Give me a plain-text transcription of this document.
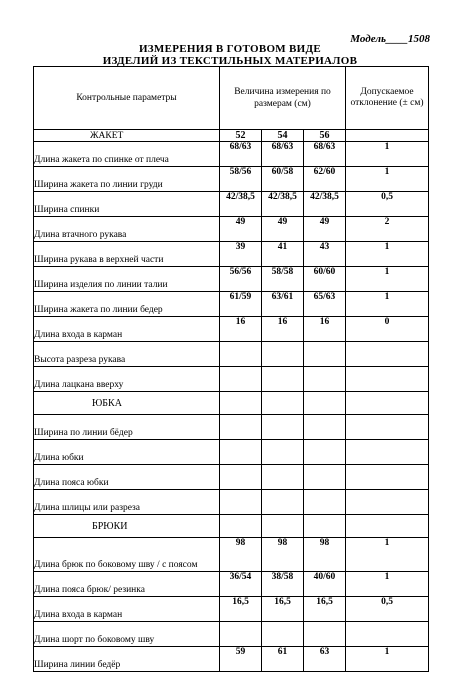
Модель____1508
ИЗМЕРЕНИЯ В ГОТОВОМ ВИДЕ
ИЗДЕЛИЙ ИЗ ТЕКСТИЛЬНЫХ МАТЕРИАЛОВ
Контрольные параметры	Величина измерения по размерам (см)			Допускаемое отклонение (± см)
ЖАКЕТ	52	54	56	
Длина жакета по спинке от плеча	68/63	68/63	68/63	1
Ширина жакета по линии груди	58/56	60/58	62/60	1
Ширина спинки	42/38,5	42/38,5	42/38,5	0,5
Длина втачного рукава	49	49	49	2
Ширина рукава в верхней части	39	41	43	1
Ширина изделия по линии талии	56/56	58/58	60/60	1
Ширина жакета по линии бедер	61/59	63/61	65/63	1
Длина входа в карман	16	16	16	0
Высота разреза рукава				
Длина лацкана вверху				
ЮБКА				
Ширина по линии бёдер				
Длина юбки				
Длина пояса юбки				
Длина шлицы или разреза				
БРЮКИ				
Длина брюк по боковому шву / с поясом	98	98	98	1
Длина пояса брюк/ резинка	36/54	38/58	40/60	1
Длина входа в карман	16,5	16,5	16,5	0,5
Длина шорт по боковому шву				
Ширина линии бедёр	59	61	63	1
